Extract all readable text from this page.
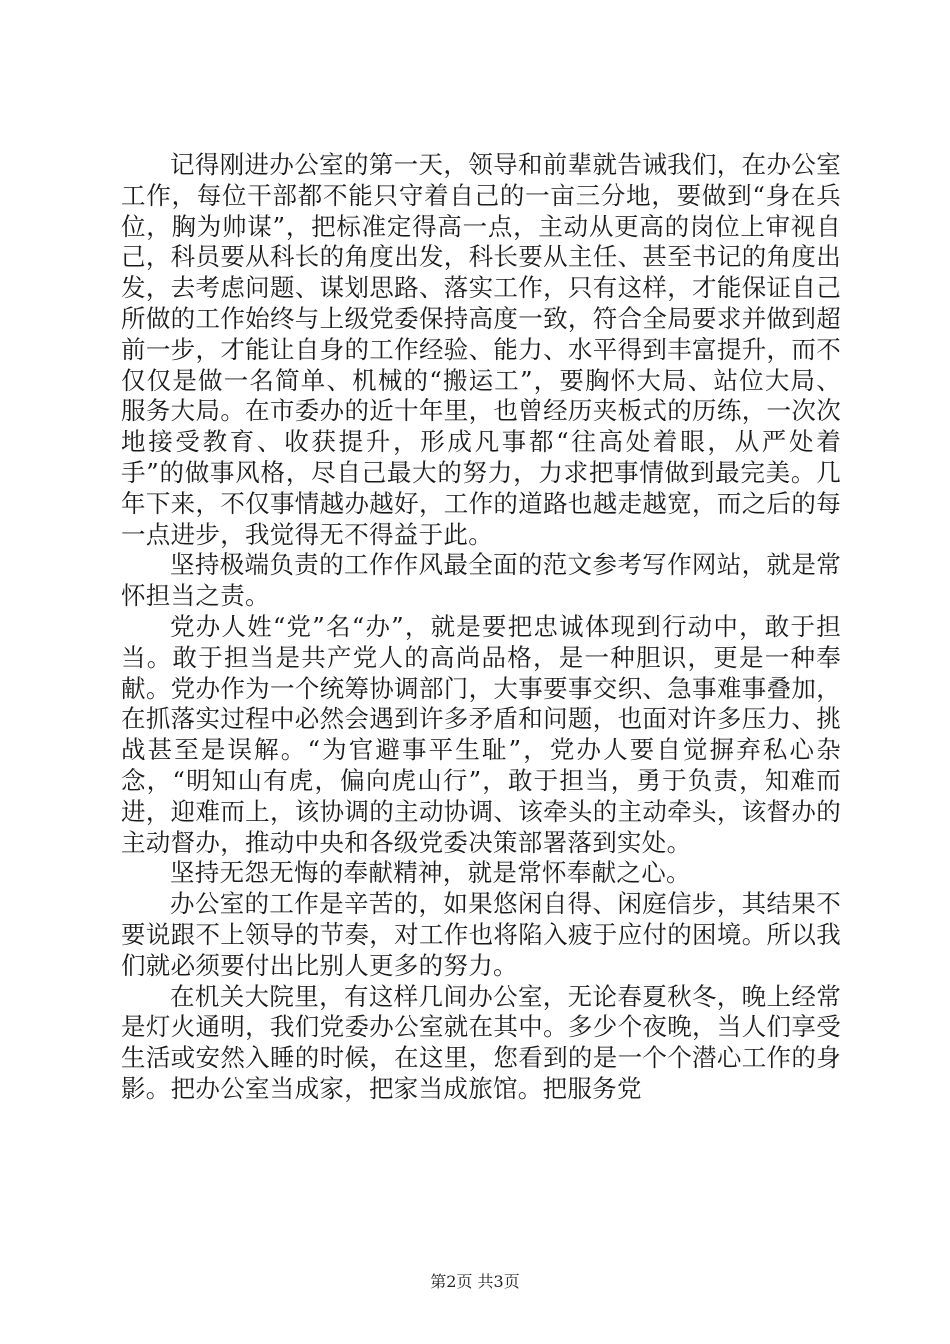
记得刚进办公室的第一天，领导和前辈就告诫我们，在办公室工作，每位干部都不能只守着自己的一亩三分地，要做到“身在兵位，胸为帅谋”，把标准定得高一点，主动从更高的岗位上审视自己，科员要从科长的角度出发，科长要从主任、甚至书记的角度出发，去考虑问题、谋划思路、落实工作，只有这样，才能保证自己所做的工作始终与上级党委保持高度一致，符合全局要求并做到超前一步，才能让自身的工作经验、能力、水平得到丰富提升，而不仅仅是做一名简单、机械的“搬运工”，要胸怀大局、站位大局、服务大局。在市委办的近十年里，也曾经历夹板式的历练，一次次地接受教育、收获提升，形成凡事都“往高处着眼，从严处着手”的做事风格，尽自己最大的努力，力求把事情做到最完美。几年下来，不仅事情越办越好，工作的道路也越走越宽，而之后的每一点进步，我觉得无不得益于此。

坚持极端负责的工作作风最全面的范文参考写作网站，就是常怀担当之责。

党办人姓“党”名“办”，就是要把忠诚体现到行动中，敢于担当。敢于担当是共产党人的高尚品格，是一种胆识，更是一种奉献。党办作为一个统筹协调部门，大事要事交织、急事难事叠加，在抓落实过程中必然会遇到许多矛盾和问题，也面对许多压力、挑战甚至是误解。“为官避事平生耻”，党办人要自觉摒弃私心杂念，“明知山有虎，偏向虎山行”，敢于担当，勇于负责，知难而进，迎难而上，该协调的主动协调、该牵头的主动牵头，该督办的主动督办，推动中央和各级党委决策部署落到实处。

坚持无怨无悔的奉献精神，就是常怀奉献之心。

办公室的工作是辛苦的，如果悠闲自得、闲庭信步，其结果不要说跟不上领导的节奏，对工作也将陷入疲于应付的困境。所以我们就必须要付出比别人更多的努力。

在机关大院里，有这样几间办公室，无论春夏秋冬，晚上经常是灯火通明，我们党委办公室就在其中。多少个夜晚，当人们享受生活或安然入睡的时候，在这里，您看到的是一个个潜心工作的身影。把办公室当成家，把家当成旅馆。把服务党

第2页 共3页
